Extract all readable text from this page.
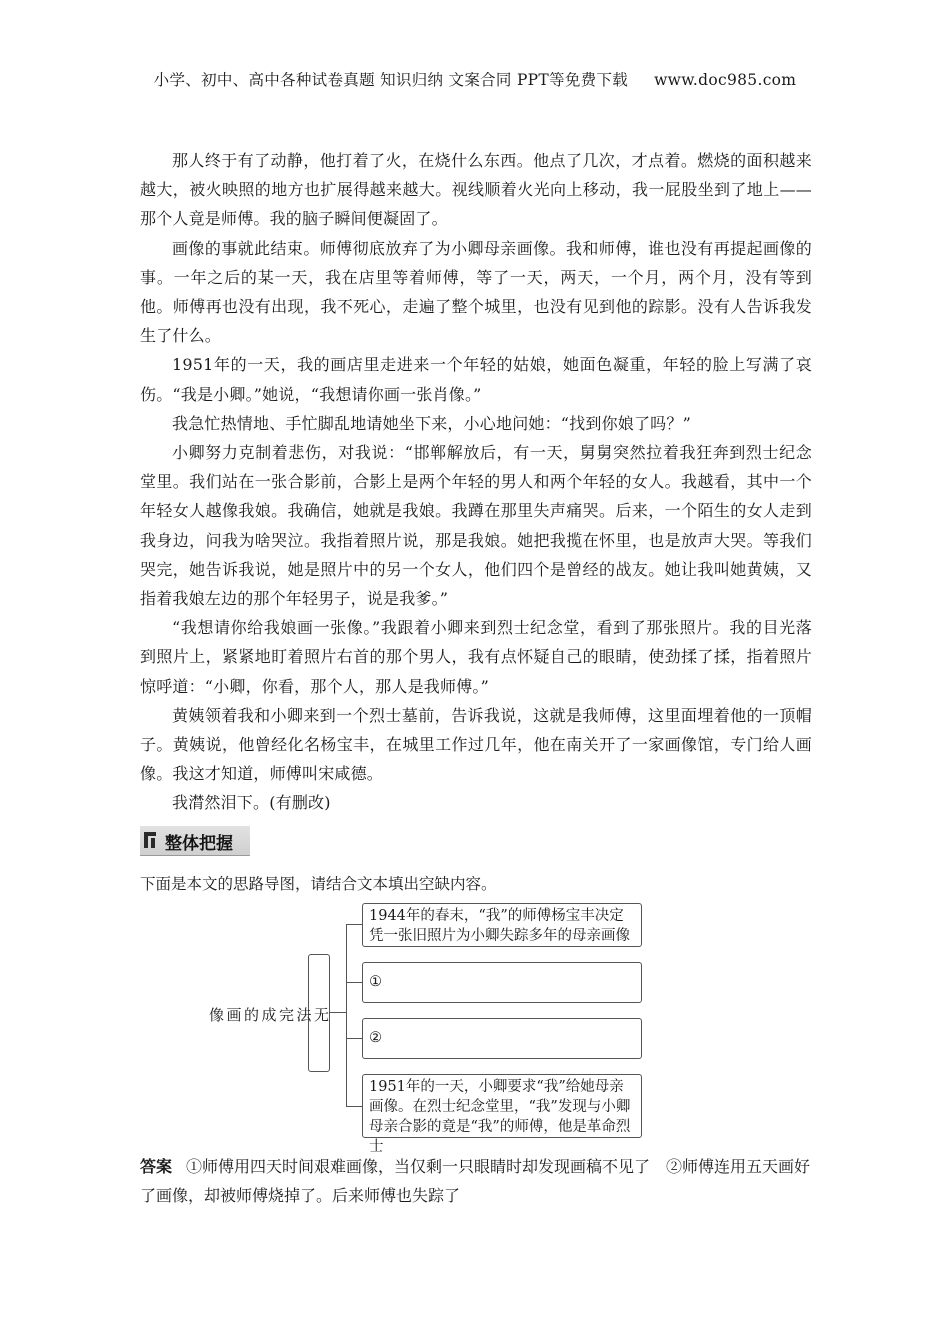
小学、初中、高中各种试卷真题 知识归纳 文案合同 PPT等免费下载 www.doc985.com

那人终于有了动静，他打着了火，在烧什么东西。他点了几次，才点着。燃烧的面积越来越大，被火映照的地方也扩展得越来越大。视线顺着火光向上移动，我一屁股坐到了地上——那个人竟是师傅。我的脑子瞬间便凝固了。

画像的事就此结束。师傅彻底放弃了为小卿母亲画像。我和师傅，谁也没有再提起画像的事。一年之后的某一天，我在店里等着师傅，等了一天，两天，一个月，两个月，没有等到他。师傅再也没有出现，我不死心，走遍了整个城里，也没有见到他的踪影。没有人告诉我发生了什么。

1951年的一天，我的画店里走进来一个年轻的姑娘，她面色凝重，年轻的脸上写满了哀伤。“我是小卿。”她说，“我想请你画一张肖像。”

我急忙热情地、手忙脚乱地请她坐下来，小心地问她：“找到你娘了吗？”

小卿努力克制着悲伤，对我说：“邯郸解放后，有一天，舅舅突然拉着我狂奔到烈士纪念堂里。我们站在一张合影前，合影上是两个年轻的男人和两个年轻的女人。我越看，其中一个年轻女人越像我娘。我确信，她就是我娘。我蹲在那里失声痛哭。后来，一个陌生的女人走到我身边，问我为啥哭泣。我指着照片说，那是我娘。她把我揽在怀里，也是放声大哭。等我们哭完，她告诉我说，她是照片中的另一个女人，他们四个是曾经的战友。她让我叫她黄姨，又指着我娘左边的那个年轻男子，说是我爹。”

“我想请你给我娘画一张像。”我跟着小卿来到烈士纪念堂，看到了那张照片。我的目光落到照片上，紧紧地盯着照片右首的那个男人，我有点怀疑自己的眼睛，使劲揉了揉，指着照片惊呼道：“小卿，你看，那个人，那人是我师傅。”

黄姨领着我和小卿来到一个烈士墓前，告诉我说，这就是我师傅，这里面埋着他的一顶帽子。黄姨说，他曾经化名杨宝丰，在城里工作过几年，他在南关开了一家画像馆，专门给人画像。我这才知道，师傅叫宋咸德。

我潸然泪下。(有删改)

整体把握
下面是本文的思路导图，请结合文本填出空缺内容。
无
法
完
成
的
画
像
1944年的春末，“我”的师傅杨宝丰决定凭一张旧照片为小卿失踪多年的母亲画像
①
②
1951年的一天，小卿要求“我”给她母亲画像。在烈士纪念堂里，“我”发现与小卿母亲合影的竟是“我”的师傅，他是革命烈士
答案 ①师傅用四天时间艰难画像，当仅剩一只眼睛时却发现画稿不见了　②师傅连用五天画好了画像，却被师傅烧掉了。后来师傅也失踪了
